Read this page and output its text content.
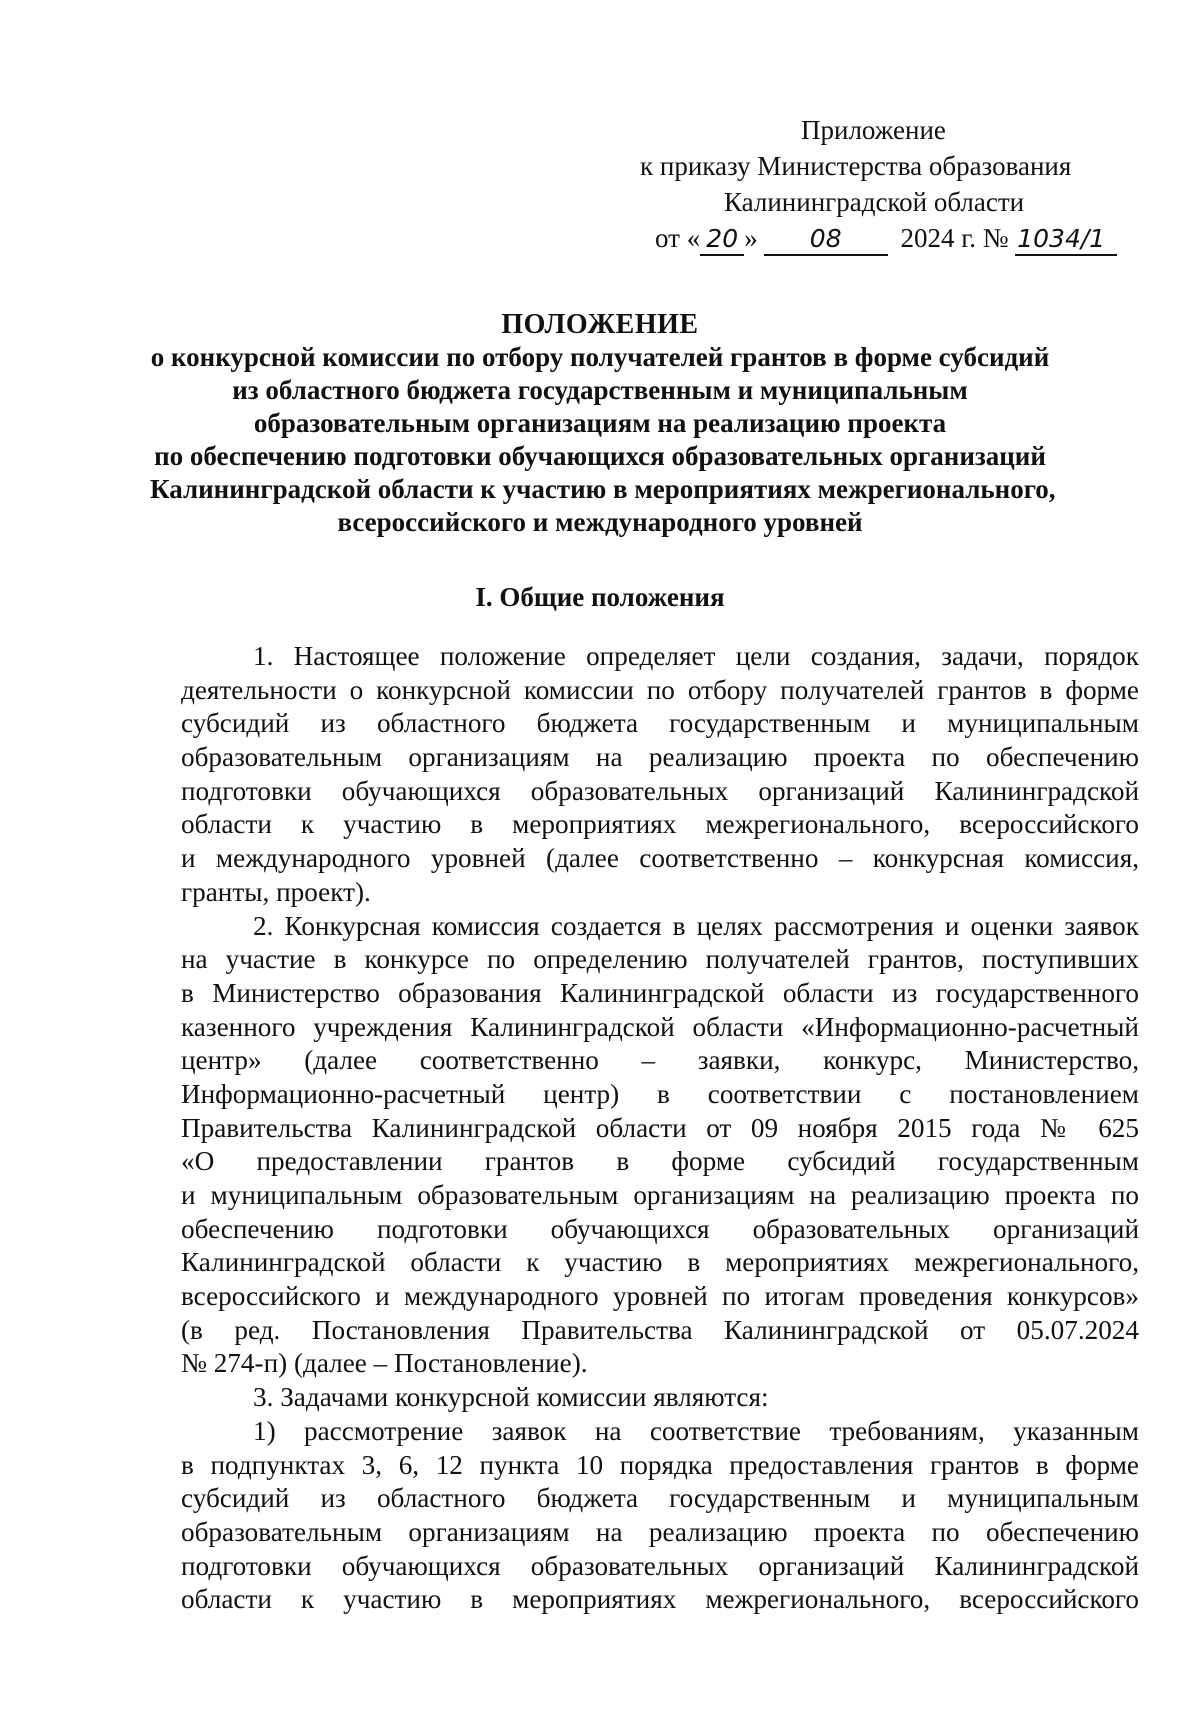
Приложение
к приказу Министерства образования
Калининградской области
от « 20 » 08 2024 г. № 1034/1
ПОЛОЖЕНИЕ
о конкурсной комиссии по отбору получателей грантов в форме субсидий
из областного бюджета государственным и муниципальным
образовательным организациям на реализацию проекта
по обеспечению подготовки обучающихся образовательных организаций
Калининградской области к участию в мероприятиях межрегионального,
всероссийского и международного уровней
I. Общие положения
1. Настоящее положение определяет цели создания, задачи, порядок
деятельности о конкурсной комиссии по отбору получателей грантов в форме
субсидий из областного бюджета государственным и муниципальным
образовательным организациям на реализацию проекта по обеспечению
подготовки обучающихся образовательных организаций Калининградской
области к участию в мероприятиях межрегионального, всероссийского
и международного уровней (далее соответственно – конкурсная комиссия,
гранты, проект).
2. Конкурсная комиссия создается в целях рассмотрения и оценки заявок
на участие в конкурсе по определению получателей грантов, поступивших
в Министерство образования Калининградской области из государственного
казенного учреждения Калининградской области «Информационно-расчетный
центр» (далее соответственно – заявки, конкурс, Министерство,
Информационно-расчетный центр) в соответствии с постановлением
Правительства Калининградской области от 09 ноября 2015 года № 625
«О предоставлении грантов в форме субсидий государственным
и муниципальным образовательным организациям на реализацию проекта по
обеспечению подготовки обучающихся образовательных организаций
Калининградской области к участию в мероприятиях межрегионального,
всероссийского и международного уровней по итогам проведения конкурсов»
(в ред. Постановления Правительства Калининградской от 05.07.2024
№ 274-п) (далее – Постановление).
3. Задачами конкурсной комиссии являются:
1) рассмотрение заявок на соответствие требованиям, указанным
в подпунктах 3, 6, 12 пункта 10 порядка предоставления грантов в форме
субсидий из областного бюджета государственным и муниципальным
образовательным организациям на реализацию проекта по обеспечению
подготовки обучающихся образовательных организаций Калининградской
области к участию в мероприятиях межрегионального, всероссийского
